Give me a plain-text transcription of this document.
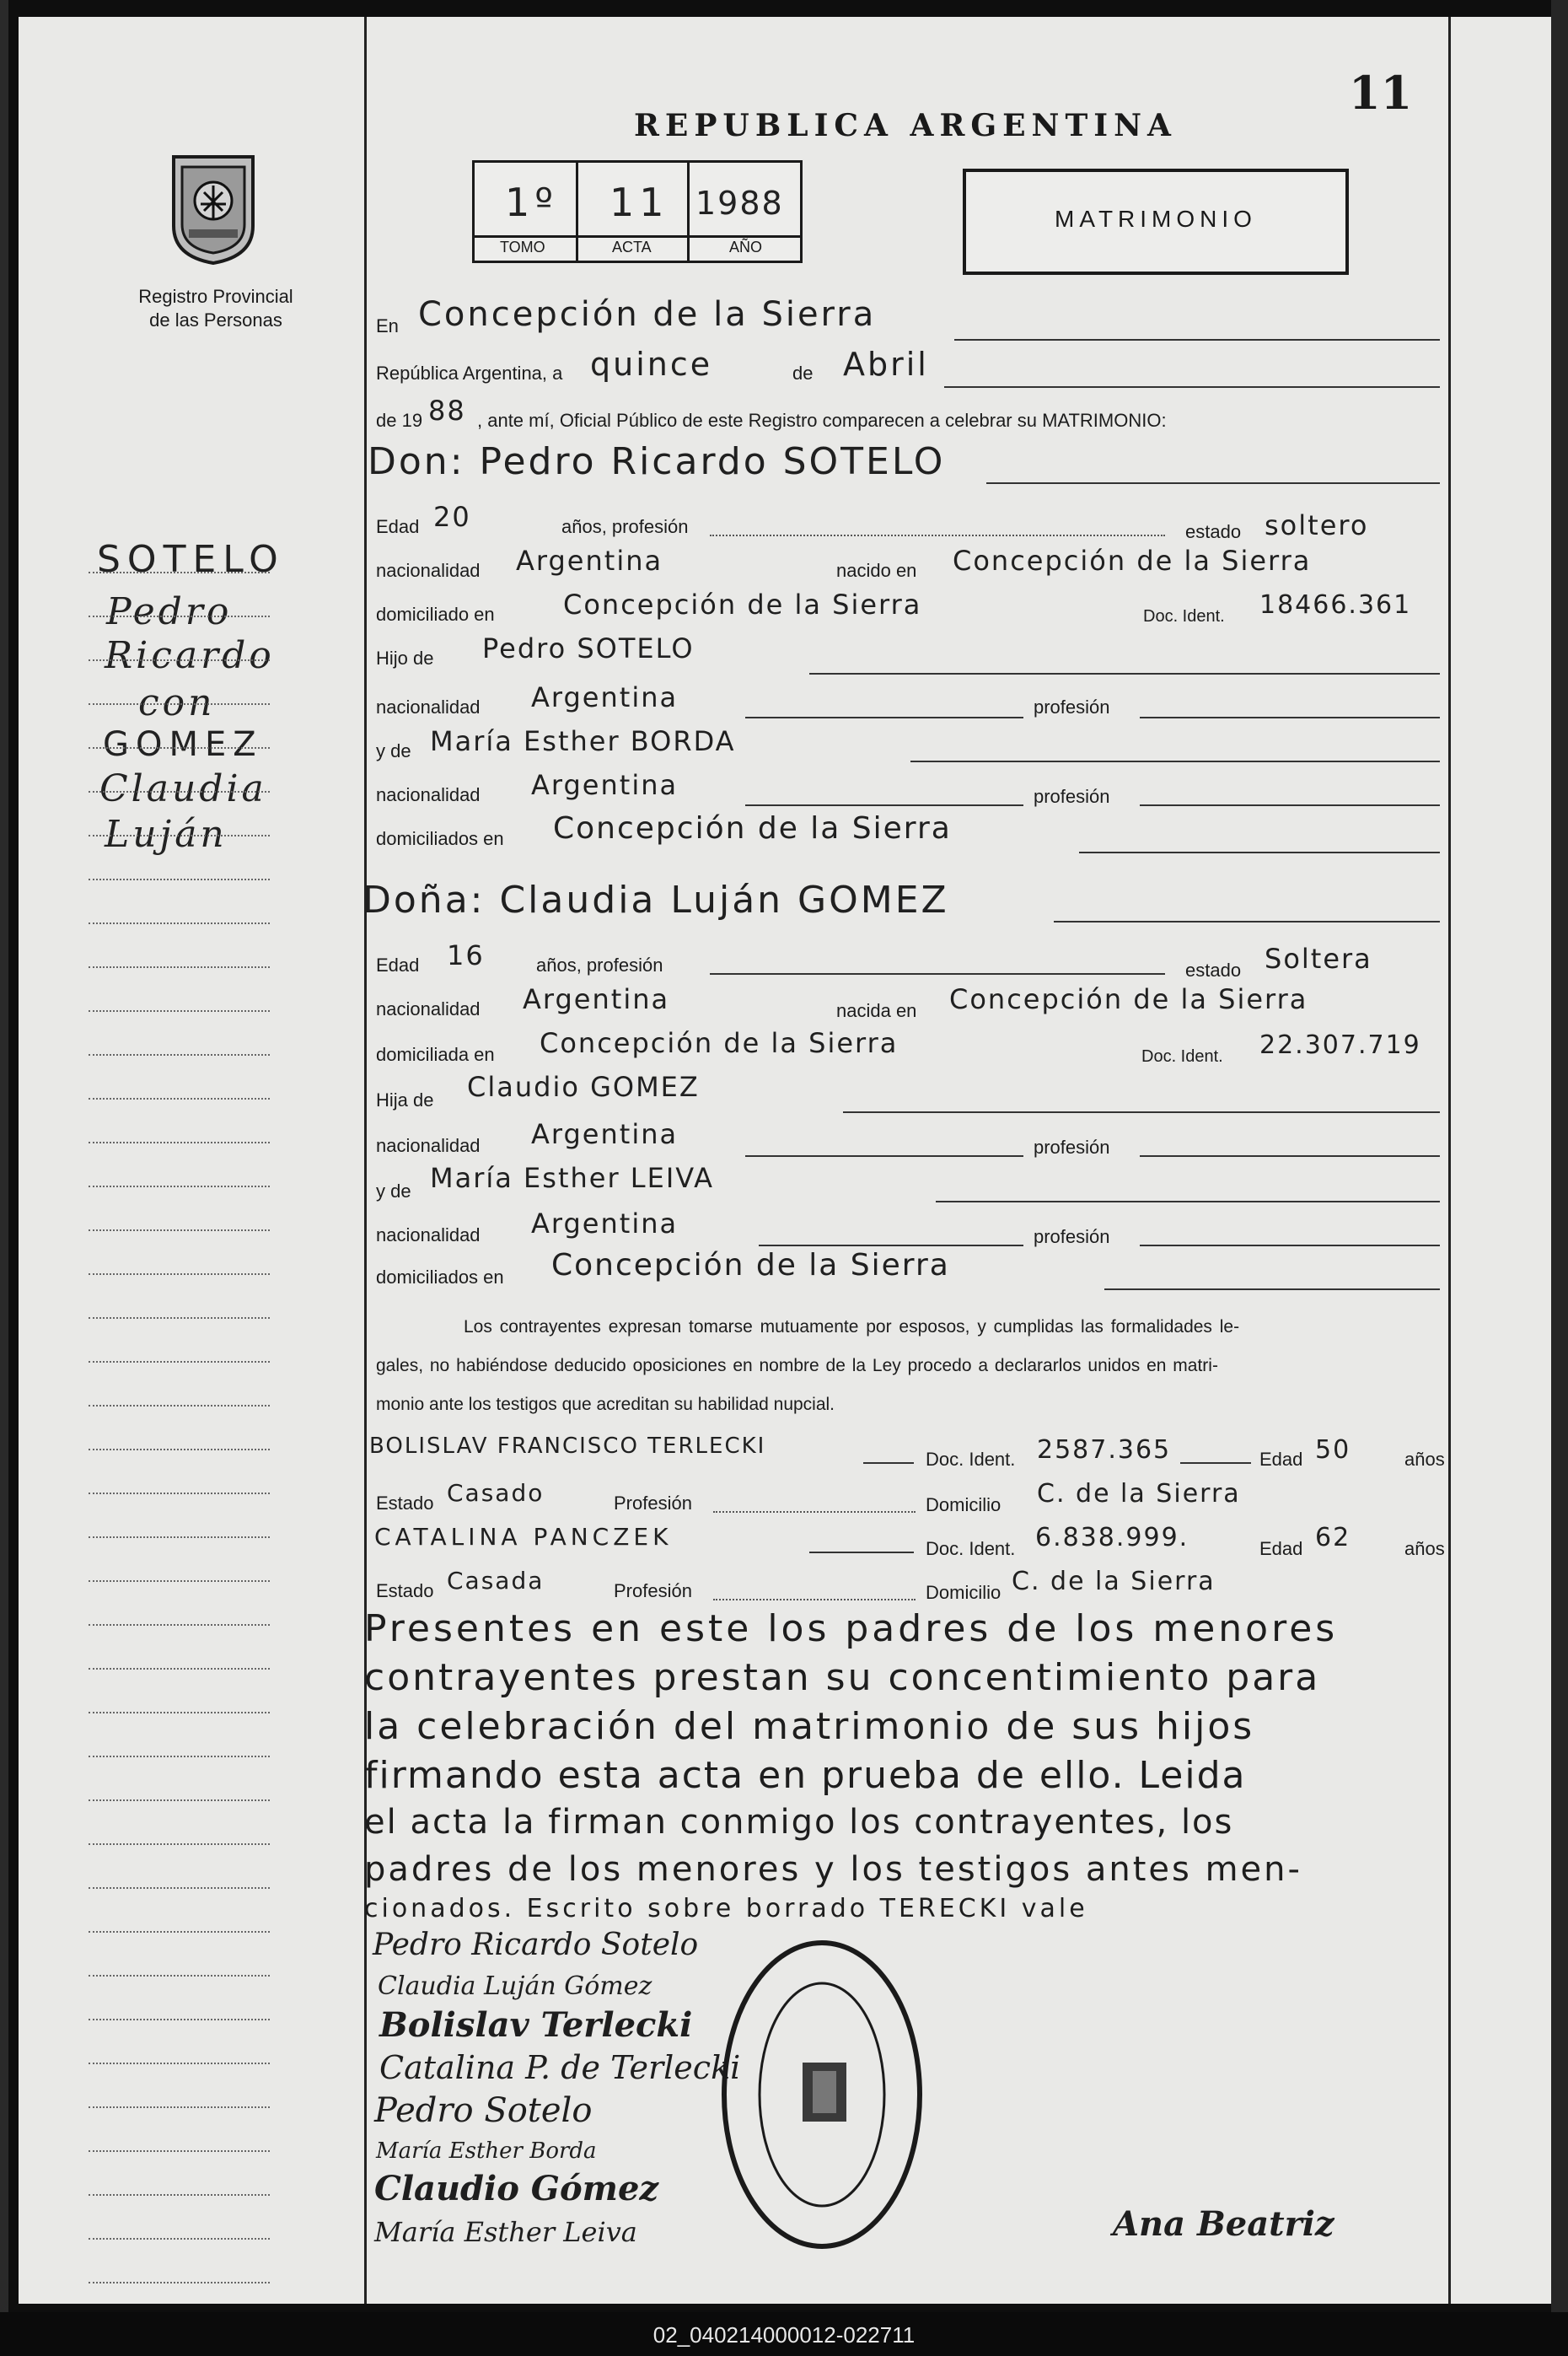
11
REPUBLICA ARGENTINA
Registro Provincial
de las Personas
1º 11 1988
TOMO	ACTA	AÑO
MATRIMONIO
En Concepción de la Sierra
República Argentina, a quince	de Abril
de 19 88 , ante mí, Oficial Público de este Registro comparecen a celebrar su MATRIMONIO:
Don: Pedro Ricardo SOTELO
Edad 20	años, profesión	estado soltero
nacionalidad Argentina	nacido en Concepción de la Sierra
domiciliado en	Concepción de la Sierra	Doc. Ident. 18466.361
Hijo de Pedro SOTELO
nacionalidad Argentina	profesión
y de María Esther BORDA
nacionalidad Argentina	profesión
domiciliados en Concepción de la Sierra
Doña: Claudia Luján GOMEZ
Edad 16	años, profesión	estado Soltera
nacionalidad Argentina	nacida en Concepción de la Sierra
domiciliada en Concepción de la Sierra	Doc. Ident. 22.307.719
Hija de Claudio GOMEZ
nacionalidad Argentina	profesión
y de María Esther LEIVA
nacionalidad Argentina	profesión
domiciliados en Concepción de la Sierra
Los contrayentes expresan tomarse mutuamente por esposos, y cumplidas las formalidades le-
gales, no habiéndose deducido oposiciones en nombre de la Ley procedo a declararlos unidos en matri-
monio ante los testigos que acreditan su habilidad nupcial.
BOLISLAV FRANCISCO TERLECKI
Doc. Ident. 2587.365	Edad 50	años
Estado Casado	Profesión	Domicilio C. de la Sierra
CATALINA PANCZEK	Doc. Ident. 6.838.999.	Edad 62	años
Estado Casada	Profesión	Domicilio C. de la Sierra
Presentes en este los padres de los menores
contrayentes prestan su concentimiento para
la celebración del matrimonio de sus hijos
firmando esta acta en prueba de ello. Leida
el acta la firman conmigo los contrayentes, los
padres de los menores y los testigos antes men-
cionados. Escrito sobre borrado TERECKI vale
Pedro Ricardo Sotelo
Claudia Luján Gómez
Bolislav Terlecki
Catalina P. de Terlecki
Pedro Sotelo
María Esther Borda
Claudio Gómez
María Esther Leiva	Ana Beatriz
SOTELO
Pedro
Ricardo
con
GOMEZ
Claudia
Luján
02_040214000012-022711
